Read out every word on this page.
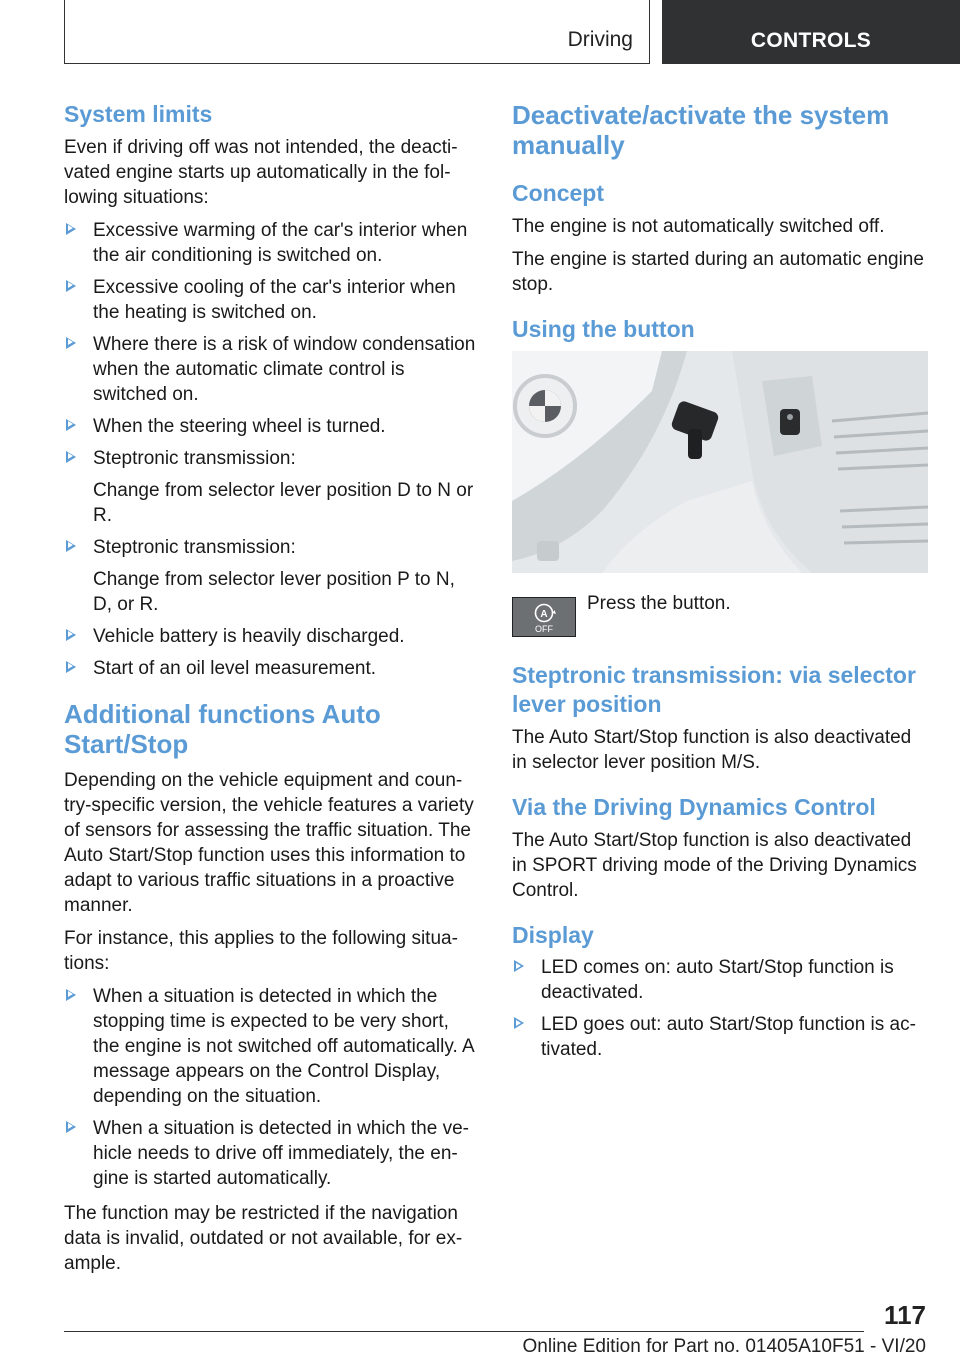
Driving	CONTROLS
System limits

Even if driving off was not intended, the deacti-vated engine starts up automatically in the fol-lowing situations:

Excessive warming of the car's interior when the air conditioning is switched on.
Excessive cooling of the car's interior when the heating is switched on.
Where there is a risk of window condensation when the automatic climate control is switched on.
When the steering wheel is turned.
Steptronic transmission:
Change from selector lever position D to N or R.
Steptronic transmission:
Change from selector lever position P to N, D, or R.
Vehicle battery is heavily discharged.
Start of an oil level measurement.
Additional functions Auto Start/Stop

Depending on the vehicle equipment and coun-try-specific version, the vehicle features a variety of sensors for assessing the traffic situation. The Auto Start/Stop function uses this information to adapt to various traffic situations in a proactive manner.

For instance, this applies to the following situa-tions:

When a situation is detected in which the stopping time is expected to be very short, the engine is not switched off automatically. A message appears on the Control Display, depending on the situation.
When a situation is detected in which the ve-hicle needs to drive off immediately, the en-gine is started automatically.

The function may be restricted if the navigation data is invalid, outdated or not available, for ex-ample.

Deactivate/activate the system manually
Concept

The engine is not automatically switched off.

The engine is started during an automatic engine stop.

Using the button
A
OFF
Press the button.
Steptronic transmission: via selector lever position

The Auto Start/Stop function is also deactivated in selector lever position M/S.

Via the Driving Dynamics Control

The Auto Start/Stop function is also deactivated in SPORT driving mode of the Driving Dynamics Control.

Display
LED comes on: auto Start/Stop function is deactivated.
LED goes out: auto Start/Stop function is ac-tivated.
117
Online Edition for Part no. 01405A10F51 - VI/20
